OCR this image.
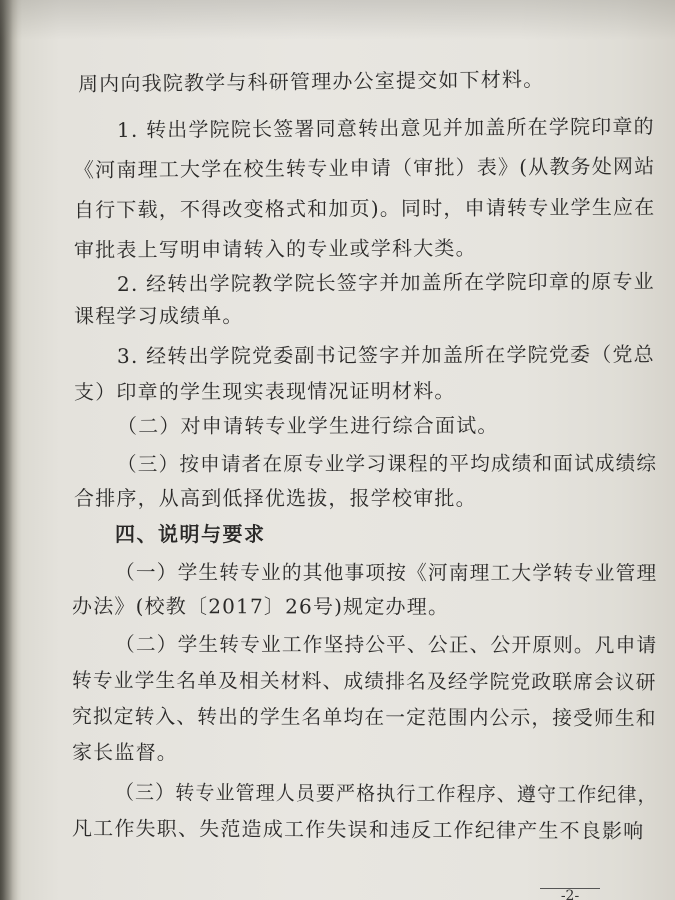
周内向我院教学与科研管理办公室提交如下材料。
1. 转出学院院长签署同意转出意见并加盖所在学院印章的
《河南理工大学在校生转专业申请（审批）表》(从教务处网站
自行下载，不得改变格式和加页)。同时，申请转专业学生应在
审批表上写明申请转入的专业或学科大类。
2. 经转出学院教学院长签字并加盖所在学院印章的原专业
课程学习成绩单。
3. 经转出学院党委副书记签字并加盖所在学院党委（党总
支）印章的学生现实表现情况证明材料。
（二）对申请转专业学生进行综合面试。
（三）按申请者在原专业学习课程的平均成绩和面试成绩综
合排序，从高到低择优选拔，报学校审批。
四、说明与要求
（一）学生转专业的其他事项按《河南理工大学转专业管理
办法》(校教〔2017〕26号)规定办理。
（二）学生转专业工作坚持公平、公正、公开原则。凡申请
转专业学生名单及相关材料、成绩排名及经学院党政联席会议研
究拟定转入、转出的学生名单均在一定范围内公示，接受师生和
家长监督。
（三）转专业管理人员要严格执行工作程序、遵守工作纪律，
凡工作失职、失范造成工作失误和违反工作纪律产生不良影响
-2-
